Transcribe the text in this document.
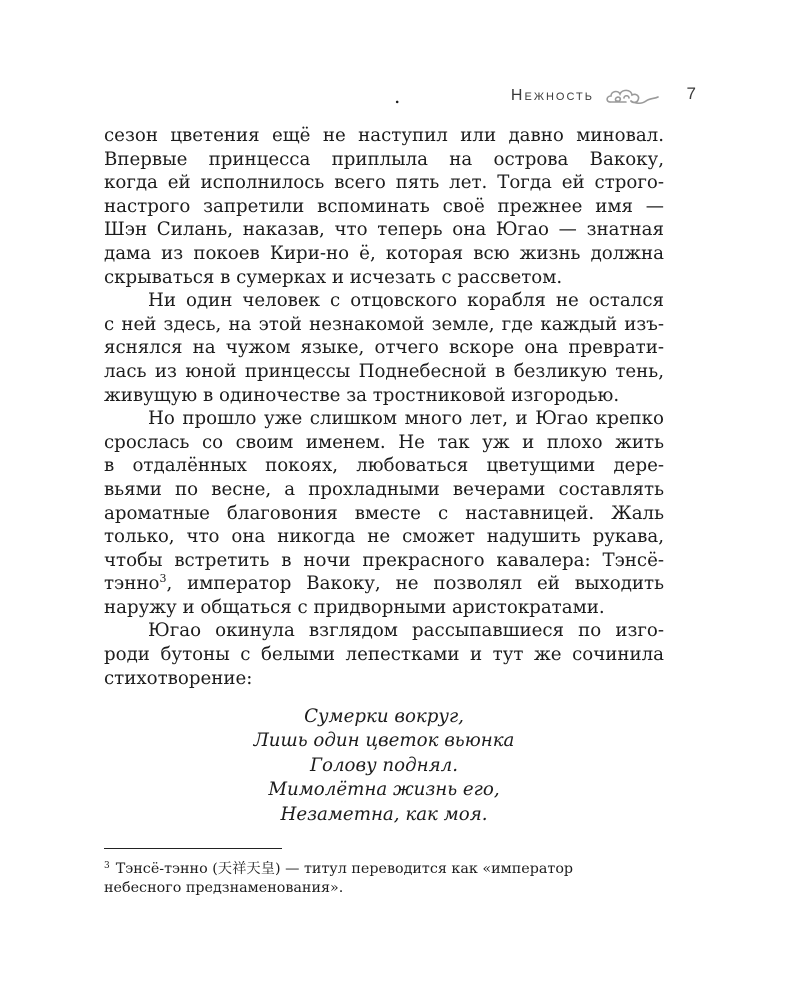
.	Нежность	7

сезон цветения ещё не наступил или давно миновал.
Впервые принцесса приплыла на острова Вакоку,
когда ей исполнилось всего пять лет. Тогда ей строго-
настрого запретили вспоминать своё прежнее имя —
Шэн Силань, наказав, что теперь она Югао — знатная
дама из покоев Кири-но ё, которая всю жизнь должна
скрываться в сумерках и исчезать с рассветом.

Ни один человек с отцовского корабля не остался
с ней здесь, на этой незнакомой земле, где каждый изъ-
яснялся на чужом языке, отчего вскоре она преврати-
лась из юной принцессы Поднебесной в безликую тень,
живущую в одиночестве за тростниковой изгородью.

Но прошло уже слишком много лет, и Югао крепко
срослась со своим именем. Не так уж и плохо жить
в отдалённых покоях, любоваться цветущими дере-
вьями по весне, а прохладными вечерами составлять
ароматные благовония вместе с наставницей. Жаль
только, что она никогда не сможет надушить рукава,
чтобы встретить в ночи прекрасного кавалера: Тэнсё-
тэнно$^3$, император Вакоку, не позволял ей выходить
наружу и общаться с придворными аристократами.

Югао окинула взглядом рассыпавшиеся по изго-
роди бутоны с белыми лепестками и тут же сочинила
стихотворение:

Сумерки вокруг,
Лишь один цветок вьюнка
Голову поднял.
Мимолётна жизнь его,
Незаметна, как моя.
$^3$ Тэнсё-тэнно (天祥天皇) — титул переводится как «император
небесного предзнаменования».
